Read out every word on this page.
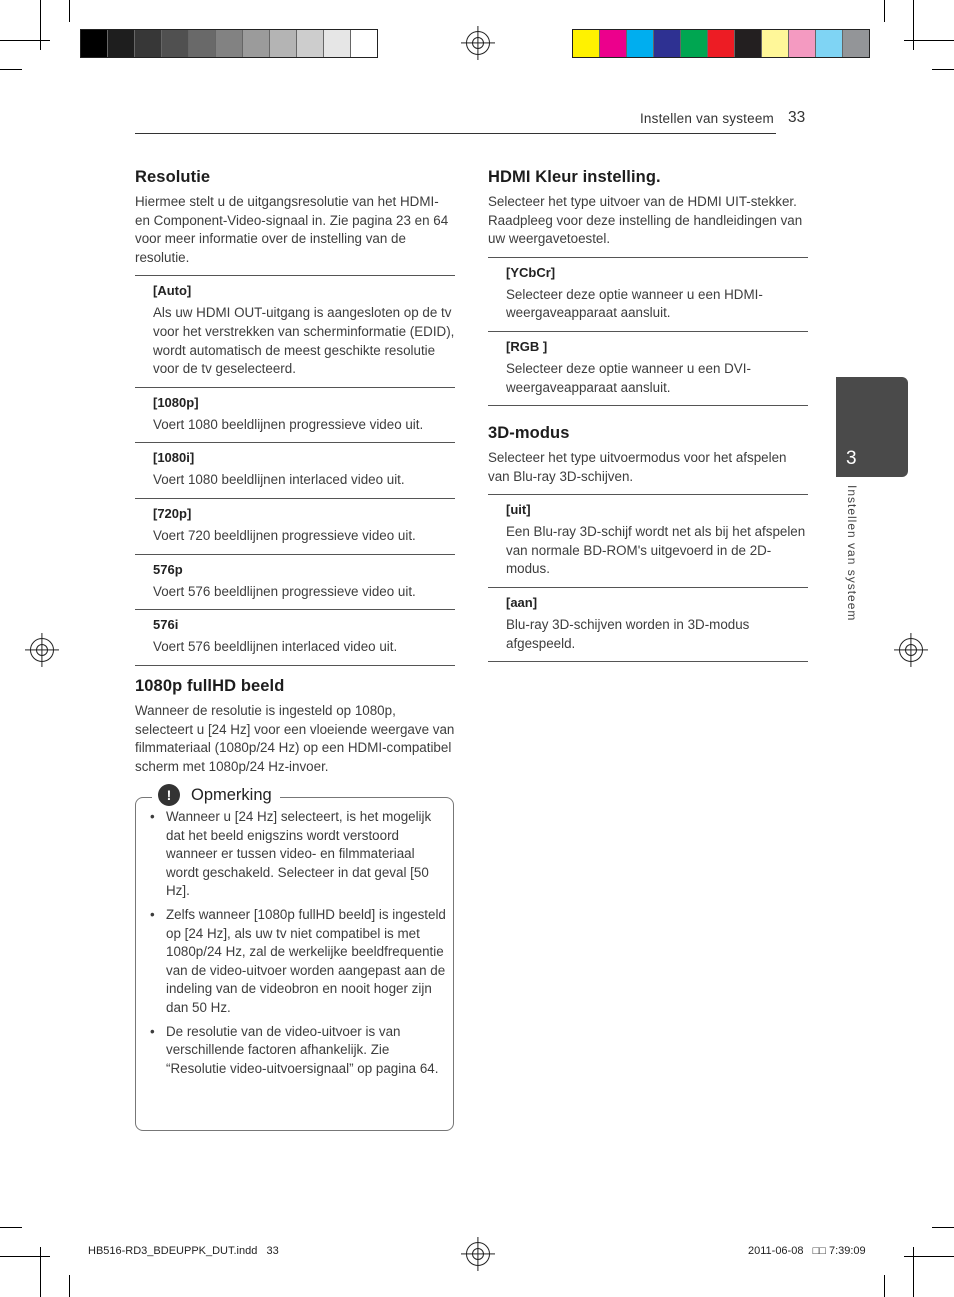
Instellen van systeem 33
3
Instellen van systeem
Resolutie

Hiermee stelt u de uitgangsresolutie van het HDMI- en Component-Video-signaal in. Zie pagina 23 en 64 voor meer informatie over de instelling van de resolutie.

[Auto]
Als uw HDMI OUT-uitgang is aangesloten op de tv voor het verstrekken van scherminformatie (EDID), wordt automatisch de meest geschikte resolutie voor de tv geselecteerd.
[1080p]
Voert 1080 beeldlijnen progressieve video uit.
[1080i]
Voert 1080 beeldlijnen interlaced video uit.
[720p]
Voert 720 beeldlijnen progressieve video uit.
576p
Voert 576 beeldlijnen progressieve video uit.
576i
Voert 576 beeldlijnen interlaced video uit.
1080p fullHD beeld

Wanneer de resolutie is ingesteld op 1080p, selecteert u [24 Hz] voor een vloeiende weergave van filmmateriaal (1080p/24 Hz) op een HDMI-compatibel scherm met 1080p/24 Hz-invoer.

• Wanneer u [24 Hz] selecteert, is het mogelijk dat het beeld enigszins wordt verstoord wanneer er tussen video- en filmmateriaal wordt geschakeld. Selecteer in dat geval [50 Hz].
• Zelfs wanneer [1080p fullHD beeld] is ingesteld op [24 Hz], als uw tv niet compatibel is met 1080p/24 Hz, zal de werkelijke beeldfrequentie van de video-uitvoer worden aangepast aan de indeling van de videobron en nooit hoger zijn dan 50 Hz.
• De resolutie van de video-uitvoer is van verschillende factoren afhankelijk. Zie “Resolutie video-uitvoersignaal” op pagina 64.
!	Opmerking
HDMI Kleur instelling.

Selecteer het type uitvoer van de HDMI UIT-stekker. Raadpleeg voor deze instelling de handleidingen van uw weergavetoestel.

[YCbCr]
Selecteer deze optie wanneer u een HDMI-weergaveapparaat aansluit.
[RGB ]
Selecteer deze optie wanneer u een DVI-weergaveapparaat aansluit.
3D-modus

Selecteer het type uitvoermodus voor het afspelen van Blu-ray 3D-schijven.

[uit]
Een Blu-ray 3D-schijf wordt net als bij het afspelen van normale BD-ROM's uitgevoerd in de 2D-modus.
[aan]
Blu-ray 3D-schijven worden in 3D-modus afgespeeld.
HB516-RD3_BDEUPPK_DUT.indd   33	2011-06-08   □□ 7:39:09
